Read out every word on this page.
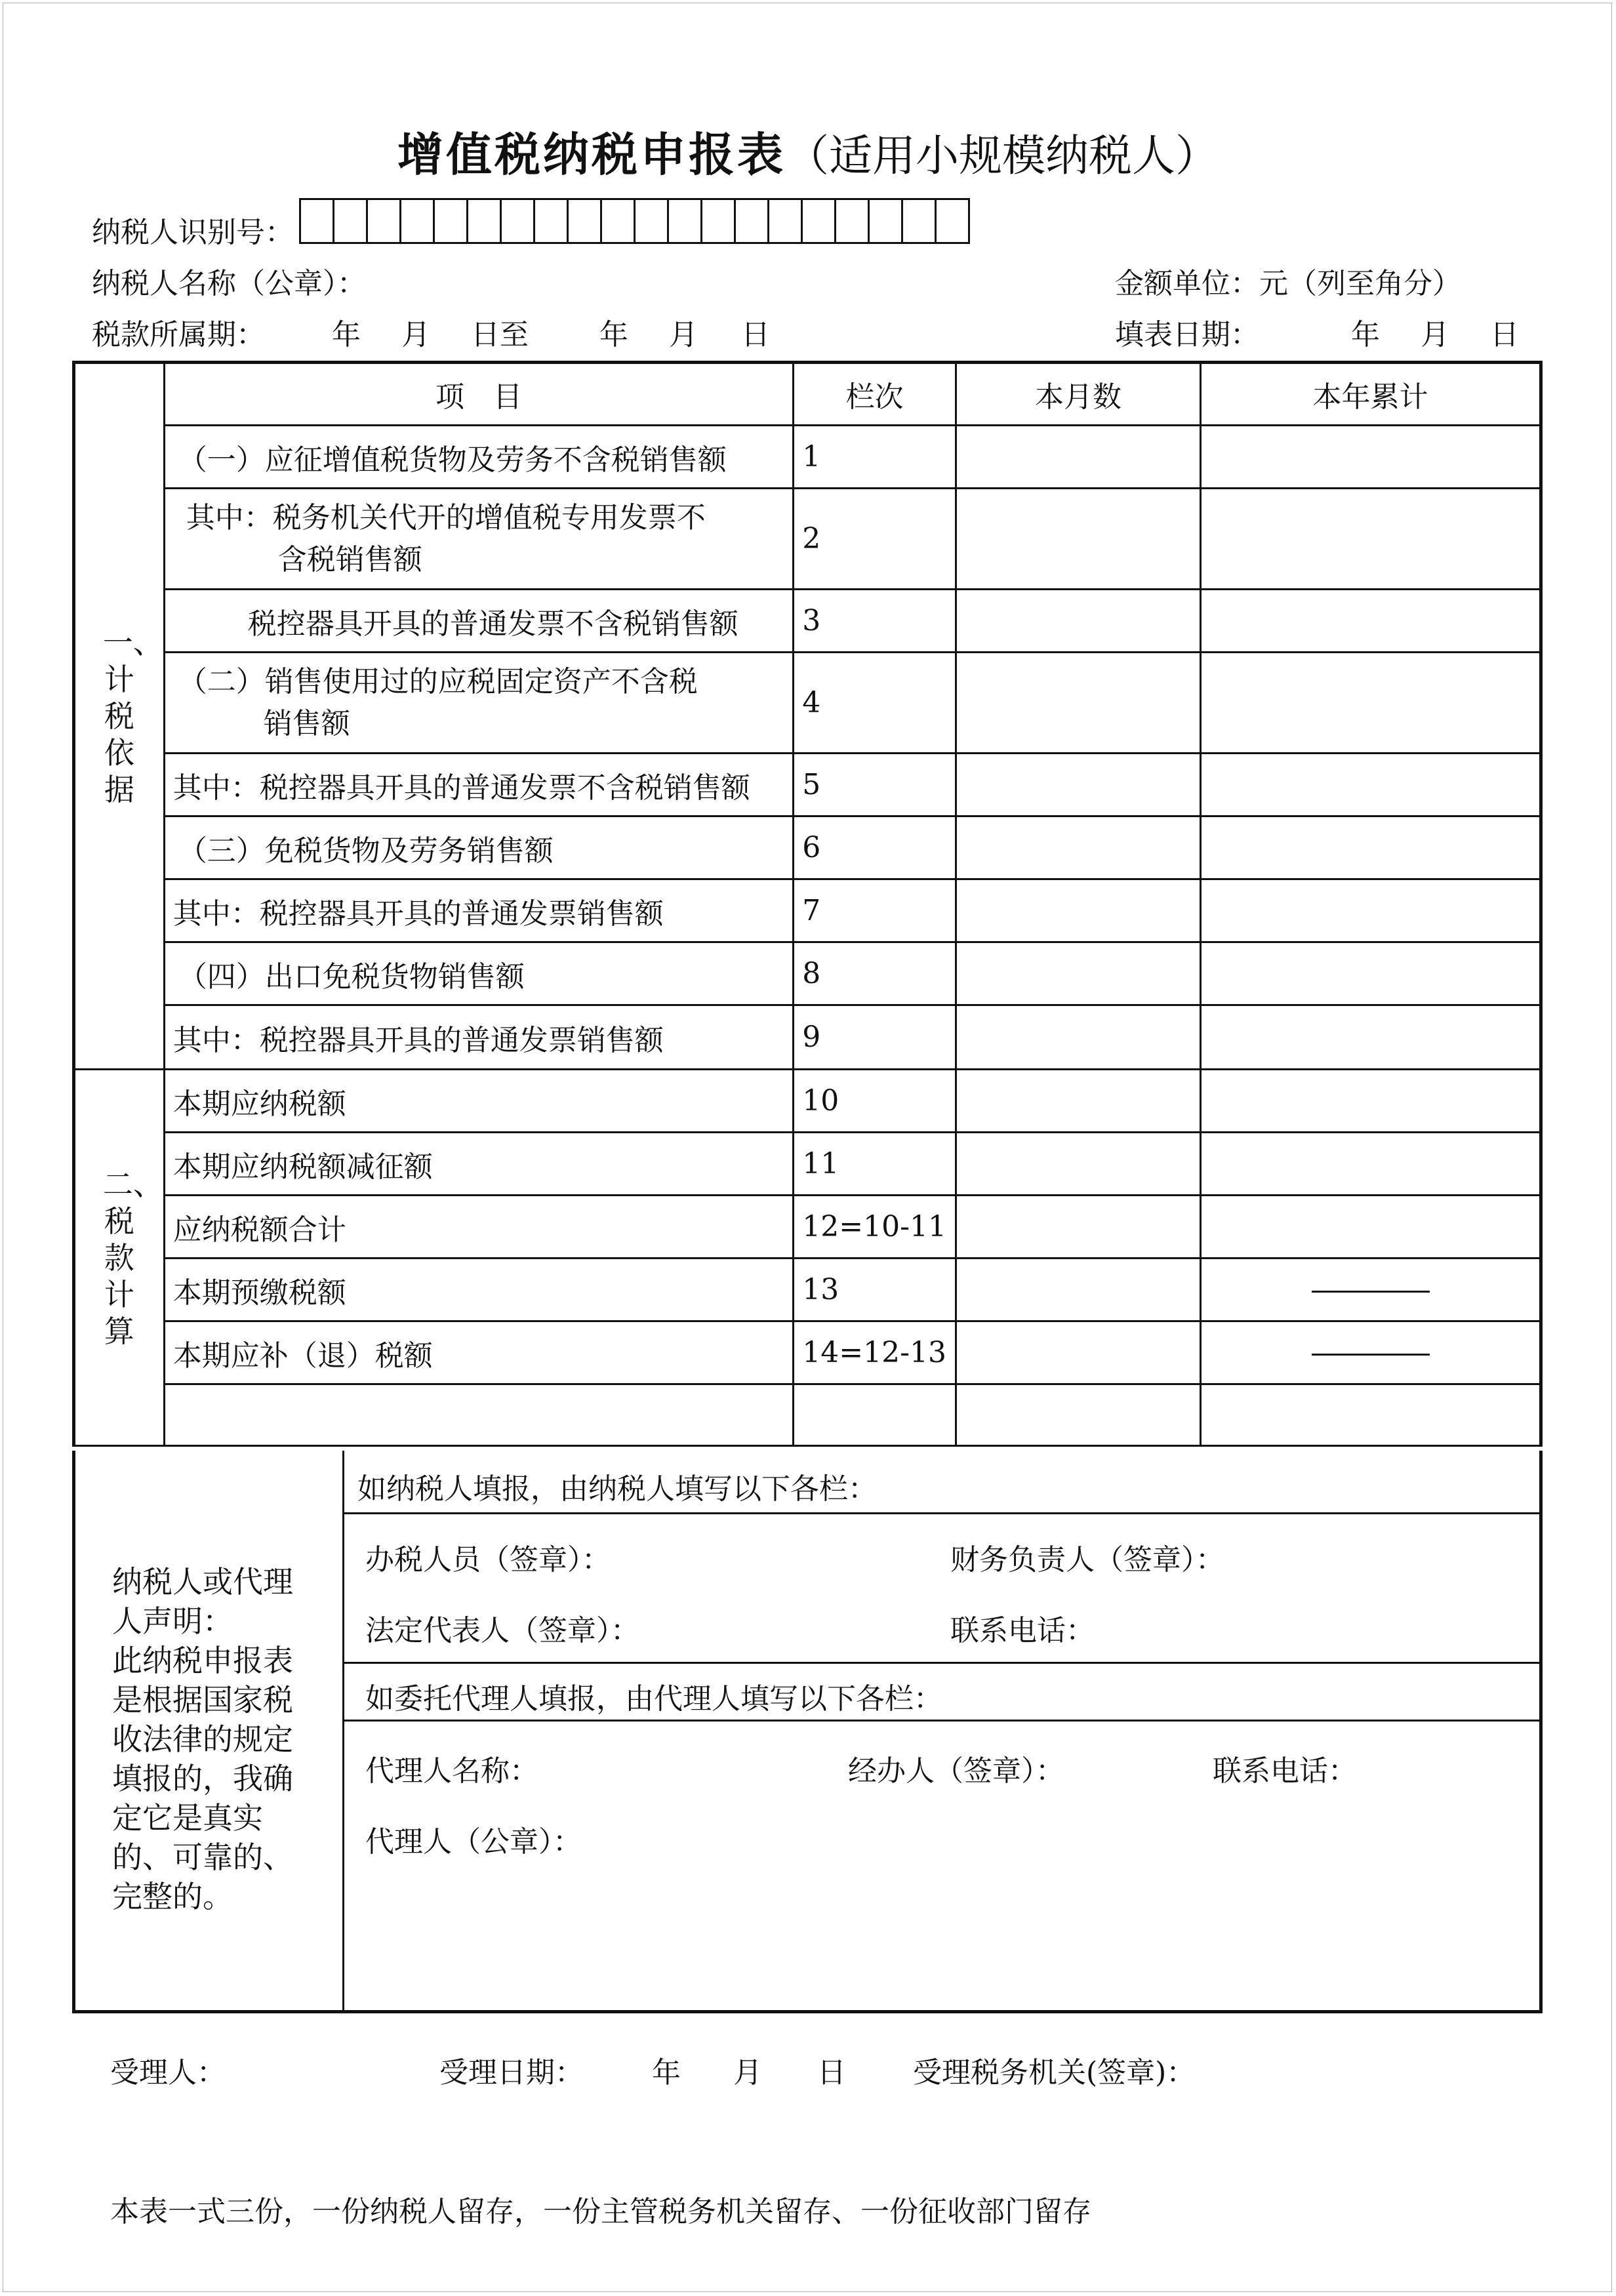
增值税纳税申报表（适用小规模纳税人）
纳税人识别号：
纳税人名称（公章）：	金额单位：元（列至角分）
税款所属期： 年 月 日至 年 月 日	填表日期：	年 月 日
一、计税依据	项　目	栏次	本月数	本年累计
	（一）应征增值税货物及劳务不含税销售额	1		

	其中：税务机关代开的增值税专用发票不
含税销售额	2		
	税控器具开具的普通发票不含税销售额	3		

	（二）销售使用过的应税固定资产不含税
销售额	4		
	其中：税控器具开具的普通发票不含税销售额	5		
	（三）免税货物及劳务销售额	6		
	其中：税控器具开具的普通发票销售额	7		
	（四）出口免税货物销售额	8		
	其中：税控器具开具的普通发票销售额	9		

二、税款计算	本期应纳税额	10		
	本期应纳税额减征额	11		
	应纳税额合计	12=10-11		
	本期预缴税额	13		
	本期应补（退）税额	14=12-13		

纳税人或代理人声明：
此纳税申报表是根据国家税收法律的规定填报的，我确定它是真实的、可靠的、完整的。
如纳税人填报，由纳税人填写以下各栏：
办税人员（签章）：	财务负责人（签章）：
法定代表人（签章）：	联系电话：
如委托代理人填报，由代理人填写以下各栏：
代理人名称：	经办人（签章）：	联系电话：
代理人（公章）：
受理人：	受理日期： 年 月 日 受理税务机关(签章)：
本表一式三份，一份纳税人留存，一份主管税务机关留存、一份征收部门留存
